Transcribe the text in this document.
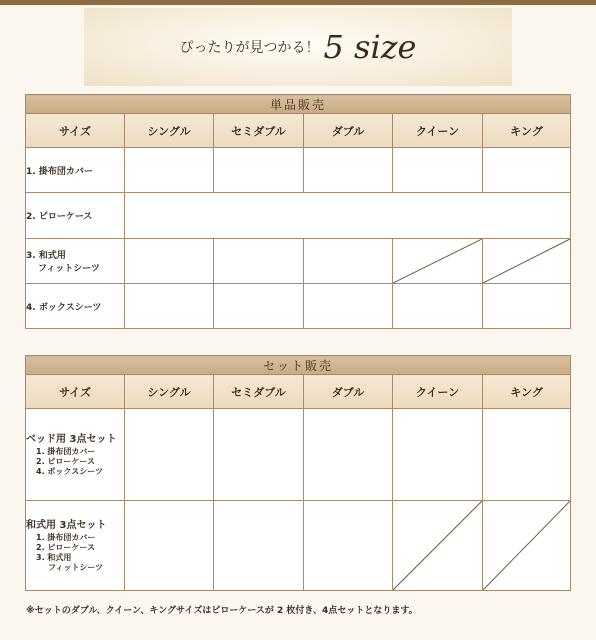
ぴったりが見つかる！ 5 size
単品販売					
サイズ	シングル	セミダブル	ダブル	クイーン	キング
1. 掛布団カバー					
2. ピローケース					
3. 和式用
フィットシーツ				

4. ボックスシーツ					
セット販売					
サイズ	シングル	セミダブル	ダブル	クイーン	キング

ベッド用 3点セット
1. 掛布団カバー
2. ピローケース
4. ボックスシーツ					

和式用 3点セット
1. 掛布団カバー
2. ピローケース
3. 和式用
フィットシーツ

※セットのダブル、クイーン、キングサイズはピローケースが 2 枚付き、4点セットとなります。
